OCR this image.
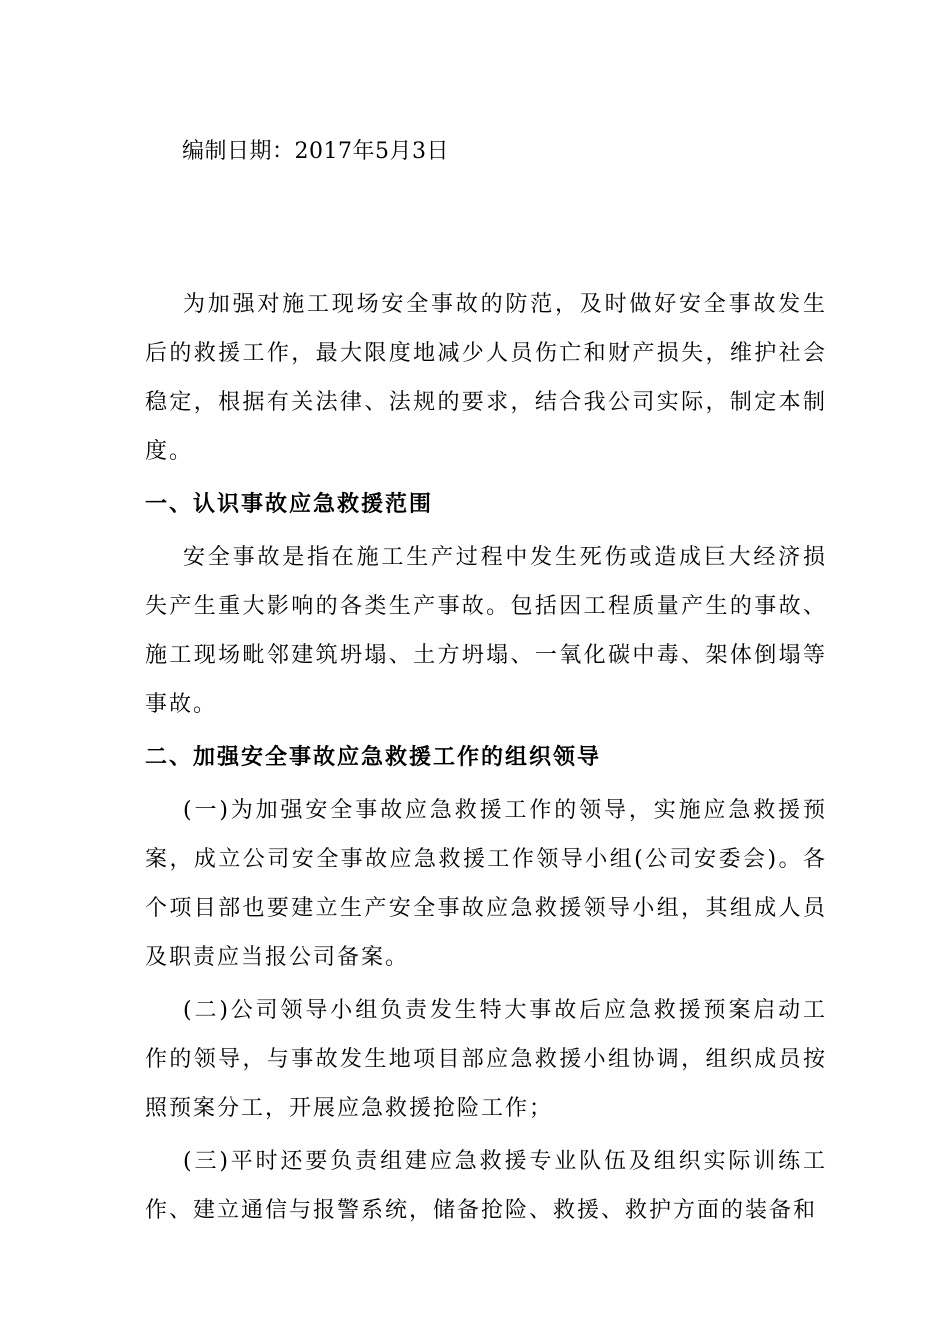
编制日期：2017年5月3日

为加强对施工现场安全事故的防范，及时做好安全事故发生后的救援工作，最大限度地减少人员伤亡和财产损失，维护社会稳定，根据有关法律、法规的要求，结合我公司实际，制定本制度。

一、认识事故应急救援范围

安全事故是指在施工生产过程中发生死伤或造成巨大经济损失产生重大影响的各类生产事故。包括因工程质量产生的事故、施工现场毗邻建筑坍塌、土方坍塌、一氧化碳中毒、架体倒塌等事故。

二、加强安全事故应急救援工作的组织领导

(一)为加强安全事故应急救援工作的领导，实施应急救援预案，成立公司安全事故应急救援工作领导小组(公司安委会)。各个项目部也要建立生产安全事故应急救援领导小组，其组成人员及职责应当报公司备案。

(二)公司领导小组负责发生特大事故后应急救援预案启动工作的领导，与事故发生地项目部应急救援小组协调，组织成员按照预案分工，开展应急救援抢险工作；

(三)平时还要负责组建应急救援专业队伍及组织实际训练工作、建立通信与报警系统，储备抢险、救援、救护方面的装备和
